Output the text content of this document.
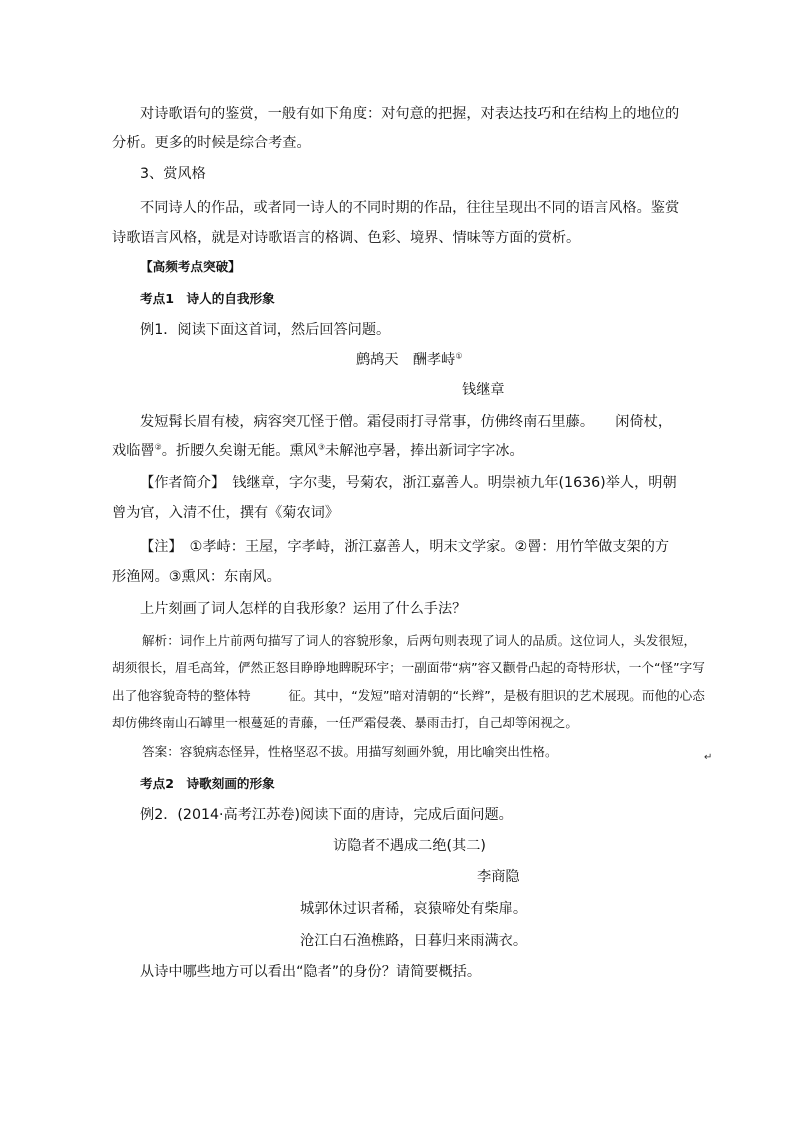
对诗歌语句的鉴赏，一般有如下角度：对句意的把握，对表达技巧和在结构上的地位的
分析。更多的时候是综合考查。
3、赏风格
不同诗人的作品，或者同一诗人的不同时期的作品，往往呈现出不同的语言风格。鉴赏
诗歌语言风格，就是对诗歌语言的格调、色彩、境界、情味等方面的赏析。
【高频考点突破】
考点1　诗人的自我形象
例1．阅读下面这首词，然后回答问题。
鹧鸪天　酬孝峙①
钱继章
发短髯长眉有棱，病容突兀怪于僧。霜侵雨打寻常事，仿佛终南石里藤。　　闲倚杖，
戏临罾②。折腰久矣谢无能。熏风③未解池亭暑，捧出新词字字冰。
【作者简介】　钱继章，字尔斐，号菊农，浙江嘉善人。明崇祯九年(1636)举人，明朝
曾为官，入清不仕，撰有《菊农词》
【注】　①孝峙：王屋，字孝峙，浙江嘉善人，明末文学家。②罾：用竹竿做支架的方
形渔网。③熏风：东南风。
上片刻画了词人怎样的自我形象？运用了什么手法？
解析：词作上片前两句描写了词人的容貌形象，后两句则表现了词人的品质。这位词人，头发很短，
胡须很长，眉毛高耸，俨然正怒目睁睁地睥睨环宇；一副面带“病”容又颧骨凸起的奇特形状，一个“怪”字写
出了他容貌奇特的整体特　　　征。其中，“发短”暗对清朝的“长辫”，是极有胆识的艺术展现。而他的心态
却仿佛终南山石罅里一根蔓延的青藤，一任严霜侵袭、暴雨击打，自己却等闲视之。
答案：容貌病态怪异，性格坚忍不拔。用描写刻画外貌，用比喻突出性格。	↵
考点2　诗歌刻画的形象
例2．(2014·高考江苏卷)阅读下面的唐诗，完成后面问题。
访隐者不遇成二绝(其二)
李商隐
城郭休过识者稀，哀猿啼处有柴扉。
沧江白石渔樵路，日暮归来雨满衣。
从诗中哪些地方可以看出“隐者”的身份？请简要概括。
